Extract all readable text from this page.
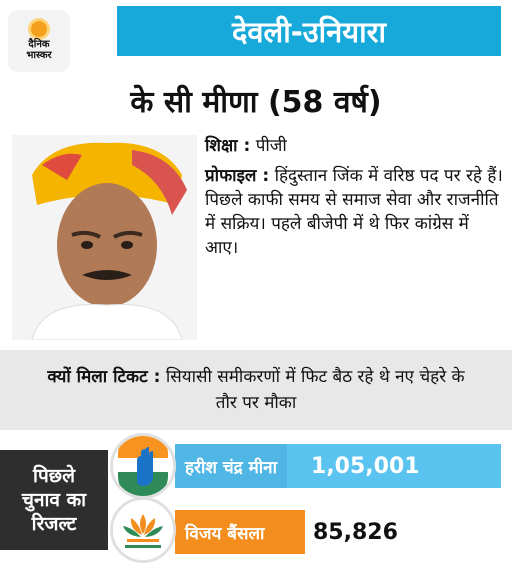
दैनिक
भास्कर
देवली-उनियारा
के सी मीणा (58 वर्ष)

शिक्षा : पीजी

प्रोफाइल : हिंदुस्तान जिंक में वरिष्ठ पद पर रहे हैं। पिछले काफी समय से समाज सेवा और राजनीति में सक्रिय। पहले बीजेपी में थे फिर कांग्रेस में आए।

क्यों मिला टिकट : सियासी समीकरणों में फिट बैठ रहे थे नए चेहरे के तौर पर मौका

पिछले
चुनाव का
रिजल्ट
हरीश चंद्र मीना	1,05,001
विजय बैंसला 85,826
